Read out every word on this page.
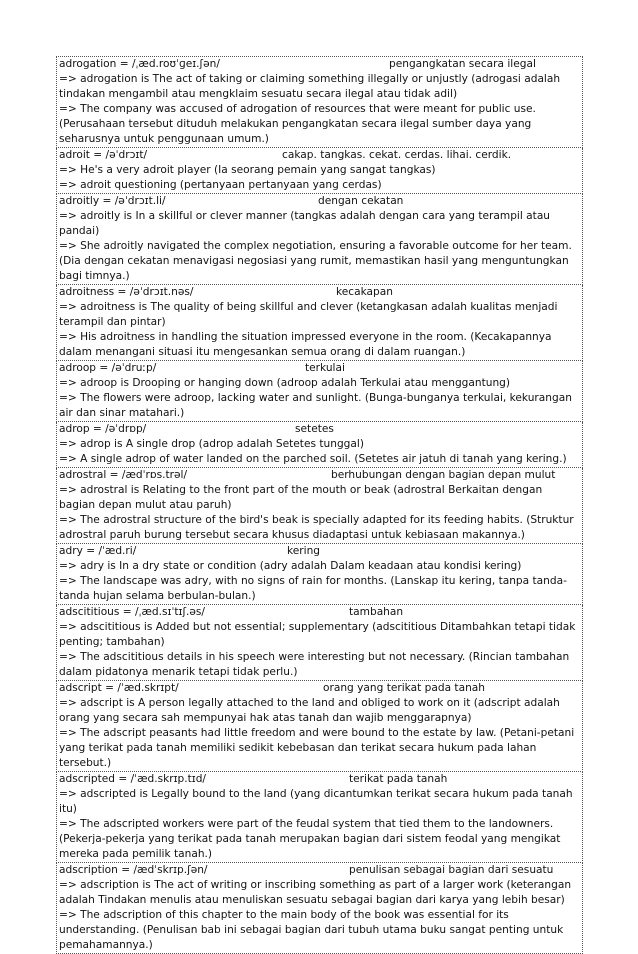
adrogation = /ˌæd.roʊˈɡeɪ.ʃən/	pengangkatan secara ilegal
=> adrogation is The act of taking or claiming something illegally or unjustly (adrogasi adalah tindakan mengambil atau mengklaim sesuatu secara ilegal atau tidak adil)
=> The company was accused of adrogation of resources that were meant for public use. (Perusahaan tersebut dituduh melakukan pengangkatan secara ilegal sumber daya yang seharusnya untuk penggunaan umum.)
adroit = /əˈdrɔɪt/	cakap. tangkas. cekat. cerdas. lihai. cerdik.
=> He's a very adroit player (Ia seorang pemain yang sangat tangkas)
=> adroit questioning (pertanyaan pertanyaan yang cerdas)
adroitly = /əˈdrɔɪt.li/	dengan cekatan
=> adroitly is In a skillful or clever manner (tangkas adalah dengan cara yang terampil atau pandai)
=> She adroitly navigated the complex negotiation, ensuring a favorable outcome for her team. (Dia dengan cekatan menavigasi negosiasi yang rumit, memastikan hasil yang menguntungkan bagi timnya.)
adroitness = /əˈdrɔɪt.nəs/	kecakapan
=> adroitness is The quality of being skillful and clever (ketangkasan adalah kualitas menjadi terampil dan pintar)
=> His adroitness in handling the situation impressed everyone in the room. (Kecakapannya dalam menangani situasi itu mengesankan semua orang di dalam ruangan.)
adroop = /əˈdruːp/	terkulai
=> adroop is Drooping or hanging down (adroop adalah Terkulai atau menggantung)
=> The flowers were adroop, lacking water and sunlight. (Bunga-bunganya terkulai, kekurangan air dan sinar matahari.)
adrop = /əˈdrɒp/	setetes
=> adrop is A single drop (adrop adalah Setetes tunggal)
=> A single adrop of water landed on the parched soil. (Setetes air jatuh di tanah yang kering.)
adrostral = /ædˈrɒs.trəl/	berhubungan dengan bagian depan mulut
=> adrostral is Relating to the front part of the mouth or beak (adrostral Berkaitan dengan bagian depan mulut atau paruh)
=> The adrostral structure of the bird's beak is specially adapted for its feeding habits. (Struktur adrostral paruh burung tersebut secara khusus diadaptasi untuk kebiasaan makannya.)
adry = /ˈæd.ri/	kering
=> adry is In a dry state or condition (adry adalah Dalam keadaan atau kondisi kering)
=> The landscape was adry, with no signs of rain for months. (Lanskap itu kering, tanpa tanda-tanda hujan selama berbulan-bulan.)
adscititious = /ˌæd.sɪˈtɪʃ.əs/	tambahan
=> adscititious is Added but not essential; supplementary (adscititious Ditambahkan tetapi tidak penting; tambahan)
=> The adscititious details in his speech were interesting but not necessary. (Rincian tambahan dalam pidatonya menarik tetapi tidak perlu.)
adscript = /ˈæd.skrɪpt/	orang yang terikat pada tanah
=> adscript is A person legally attached to the land and obliged to work on it (adscript adalah orang yang secara sah mempunyai hak atas tanah dan wajib menggarapnya)
=> The adscript peasants had little freedom and were bound to the estate by law. (Petani-petani yang terikat pada tanah memiliki sedikit kebebasan dan terikat secara hukum pada lahan tersebut.)
adscripted = /ˈæd.skrɪp.tɪd/	terikat pada tanah
=> adscripted is Legally bound to the land (yang dicantumkan terikat secara hukum pada tanah itu)
=> The adscripted workers were part of the feudal system that tied them to the landowners. (Pekerja-pekerja yang terikat pada tanah merupakan bagian dari sistem feodal yang mengikat mereka pada pemilik tanah.)
adscription = /ædˈskrɪp.ʃən/	penulisan sebagai bagian dari sesuatu
=> adscription is The act of writing or inscribing something as part of a larger work (keterangan adalah Tindakan menulis atau menuliskan sesuatu sebagai bagian dari karya yang lebih besar)
=> The adscription of this chapter to the main body of the book was essential for its understanding. (Penulisan bab ini sebagai bagian dari tubuh utama buku sangat penting untuk pemahamannya.)
